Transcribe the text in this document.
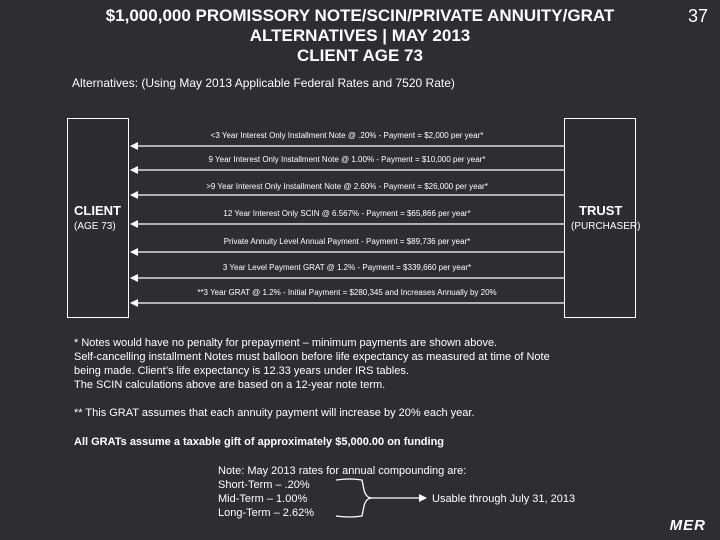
$1,000,000 PROMISSORY NOTE/SCIN/PRIVATE ANNUITY/GRAT
ALTERNATIVES | MAY 2013
CLIENT AGE 73
37
Alternatives: (Using May 2013 Applicable Federal Rates and 7520 Rate)
CLIENT
(AGE 73)
TRUST
(PURCHASER)
<3 Year Interest Only Installment Note @ .20% - Payment = $2,000 per year*
9 Year Interest Only Installment Note @ 1.00% - Payment = $10,000 per year*
>9 Year Interest Only Installment Note @ 2.60% - Payment = $26,000 per year*
12 Year Interest Only SCIN @ 6.567% - Payment = $65,866 per year*
Private Annuity Level Annual Payment - Payment = $89,736 per year*
3 Year Level Payment GRAT @ 1.2% - Payment = $339,660 per year*
**3 Year GRAT @ 1.2% - Initial Payment = $280,345 and Increases Annually by 20%

* Notes would have no penalty for prepayment – minimum payments are shown above.

Self-cancelling installment Notes must balloon before life expectancy as measured at time of Note

being made. Client’s life expectancy is 12.33 years under IRS tables.

The SCIN calculations above are based on a 12-year note term.

** This GRAT assumes that each annuity payment will increase by 20% each year.
All GRATs assume a taxable gift of approximately $5,000.00 on funding

Note: May 2013 rates for annual compounding are:

Short-Term – .20%

Mid-Term – 1.00%

Long-Term – 2.62%

Usable through July 31, 2013
MER
